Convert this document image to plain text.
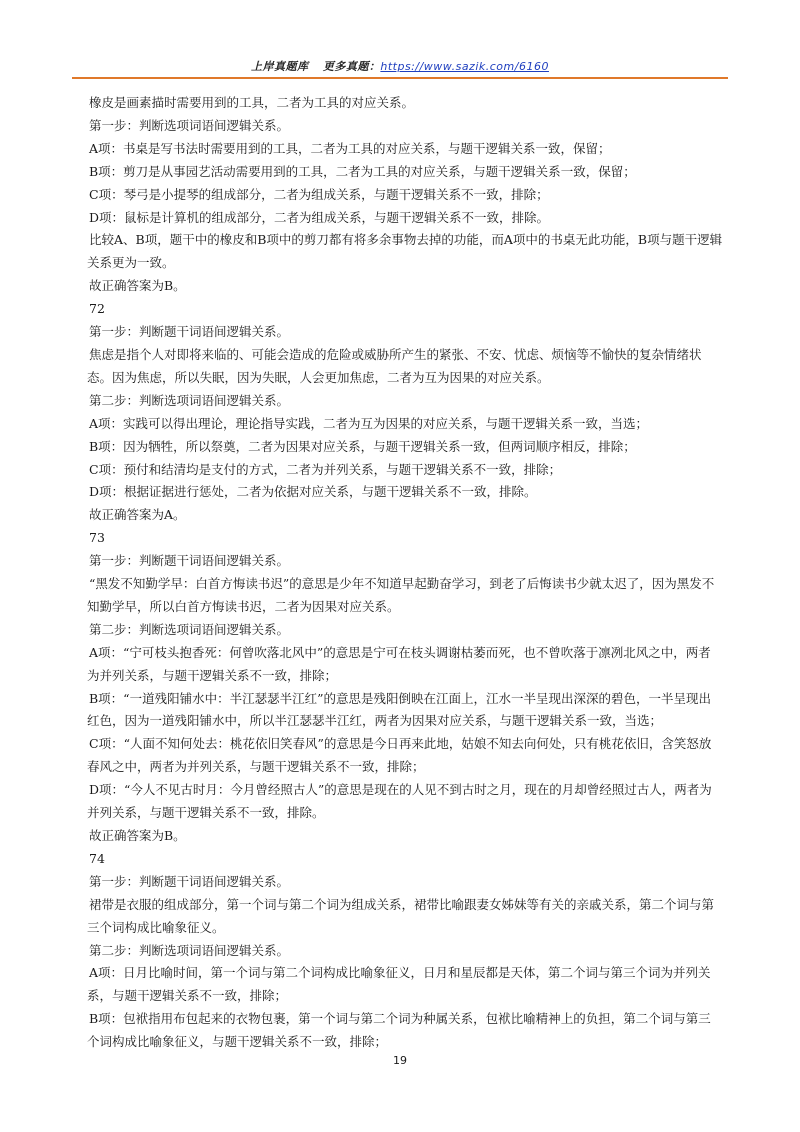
上岸真题库 更多真题：https://www.sazik.com/6160

橡皮是画素描时需要用到的工具，二者为工具的对应关系。

第一步：判断选项词语间逻辑关系。

A项：书桌是写书法时需要用到的工具，二者为工具的对应关系，与题干逻辑关系一致，保留；

B项：剪刀是从事园艺活动需要用到的工具，二者为工具的对应关系，与题干逻辑关系一致，保留；

C项：琴弓是小提琴的组成部分，二者为组成关系，与题干逻辑关系不一致，排除；

D项：鼠标是计算机的组成部分，二者为组成关系，与题干逻辑关系不一致，排除。

比较A、B项，题干中的橡皮和B项中的剪刀都有将多余事物去掉的功能，而A项中的书桌无此功能，B项与题干逻辑关系更为一致。

故正确答案为B。

72

第一步：判断题干词语间逻辑关系。

焦虑是指个人对即将来临的、可能会造成的危险或威胁所产生的紧张、不安、忧虑、烦恼等不愉快的复杂情绪状态。因为焦虑，所以失眠，因为失眠，人会更加焦虑，二者为互为因果的对应关系。

第二步：判断选项词语间逻辑关系。

A项：实践可以得出理论，理论指导实践，二者为互为因果的对应关系，与题干逻辑关系一致，当选；

B项：因为牺牲，所以祭奠，二者为因果对应关系，与题干逻辑关系一致，但两词顺序相反，排除；

C项：预付和结清均是支付的方式，二者为并列关系，与题干逻辑关系不一致，排除；

D项：根据证据进行惩处，二者为依据对应关系，与题干逻辑关系不一致，排除。

故正确答案为A。

73

第一步：判断题干词语间逻辑关系。

“黑发不知勤学早：白首方悔读书迟”的意思是少年不知道早起勤奋学习，到老了后悔读书少就太迟了，因为黑发不知勤学早，所以白首方悔读书迟，二者为因果对应关系。

第二步：判断选项词语间逻辑关系。

A项：“宁可枝头抱香死：何曾吹落北风中”的意思是宁可在枝头调谢枯萎而死，也不曾吹落于凛冽北风之中，两者为并列关系，与题干逻辑关系不一致，排除；

B项：“一道残阳铺水中：半江瑟瑟半江红”的意思是残阳倒映在江面上，江水一半呈现出深深的碧色，一半呈现出红色，因为一道残阳铺水中，所以半江瑟瑟半江红，两者为因果对应关系，与题干逻辑关系一致，当选；

C项：“人面不知何处去：桃花依旧笑春风”的意思是今日再来此地，姑娘不知去向何处，只有桃花依旧，含笑怒放春风之中，两者为并列关系，与题干逻辑关系不一致，排除；

D项：“今人不见古时月：今月曾经照古人”的意思是现在的人见不到古时之月，现在的月却曾经照过古人，两者为并列关系，与题干逻辑关系不一致，排除。

故正确答案为B。

74

第一步：判断题干词语间逻辑关系。

裙带是衣服的组成部分，第一个词与第二个词为组成关系，裙带比喻跟妻女姊妹等有关的亲戚关系，第二个词与第三个词构成比喻象征义。

第二步：判断选项词语间逻辑关系。

A项：日月比喻时间，第一个词与第二个词构成比喻象征义，日月和星辰都是天体，第二个词与第三个词为并列关系，与题干逻辑关系不一致，排除；

B项：包袱指用布包起来的衣物包裹，第一个词与第二个词为种属关系，包袱比喻精神上的负担，第二个词与第三个词构成比喻象征义，与题干逻辑关系不一致，排除；

19
